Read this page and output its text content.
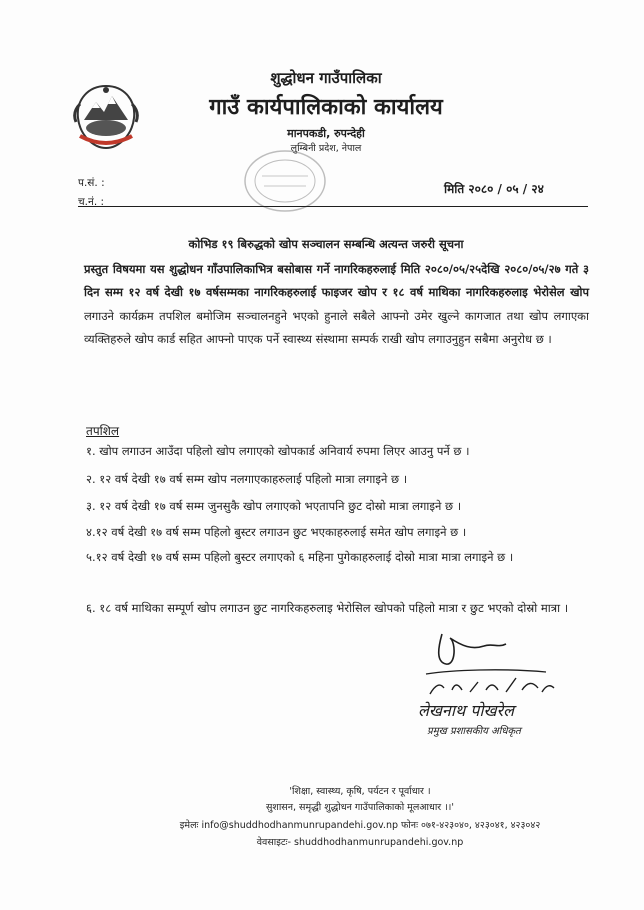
शुद्धोधन गाउँपालिका
गाउँ कार्यपालिकाको कार्यालय
मानपकडी, रुपन्देही
लुम्बिनी प्रदेश, नेपाल
प.सं. :
च.नं. :
मिति २०८० / ०५ / २४
कोभिड १९ बिरुद्धको खोप सञ्चालन सम्बन्धि अत्यन्त जरुरी सूचना
प्रस्तुत विषयमा यस शुद्धोधन गाँउपालिकाभित्र बसोबास गर्ने नागरिकहरुलाई मिति २०८०/०५/२५देखि २०८०/०५/२७ गते ३ दिन सम्म १२ वर्ष देखी १७ वर्षसम्मका नागरिकहरुलाई फाइजर खोप र १८ वर्ष माथिका नागरिकहरुलाइ भेरोसेल खोप लगाउने कार्यक्रम तपशिल बमोजिम सञ्चालनहुने भएको हुनाले सबैले आफ्नो उमेर खुल्ने कागजात तथा खोप लगाएका व्यक्तिहरुले खोप कार्ड सहित आफ्नो पाएक पर्ने स्वास्थ्य संस्थामा सम्पर्क राखी खोप लगाउनुहुन सबैमा अनुरोध छ ।
तपशिल
१. खोप लगाउन आउँदा पहिलो खोप लगाएको खोपकार्ड अनिवार्य रुपमा लिएर आउनु पर्ने छ ।
२. १२ वर्ष देखी १७ वर्ष सम्म खोप नलगाएकाहरुलाई पहिलो मात्रा लगाइने छ ।
३. १२ वर्ष देखी १७ वर्ष सम्म जुनसुकै खोप लगाएको भएतापनि छुट दोस्रो मात्रा लगाइने छ ।
४.१२ वर्ष देखी १७ वर्ष सम्म पहिलो बुस्टर लगाउन छुट भएकाहरुलाई समेत खोप लगाइने छ ।
५.१२ वर्ष देखी १७ वर्ष सम्म पहिलो बुस्टर लगाएको ६ महिना पुगेकाहरुलाई दोस्रो मात्रा मात्रा लगाइने छ ।
६. १८ वर्ष माथिका सम्पूर्ण खोप लगाउन छुट नागरिकहरुलाइ भेरोसिल खोपको पहिलो मात्रा र छुट भएको दोस्रो मात्रा ।
लेखनाथ पोखरेल
प्रमुख प्रशासकीय अधिकृत
'शिक्षा, स्वास्थ्य, कृषि, पर्यटन र पूर्वाधार ।
सुशासन, समृद्धी शुद्धोधन गाउँपालिकाको मूलआधार ।।'
इमेलः info@shuddhodhanmunrupandehi.gov.np फोनः ०७१-४२३०४०, ४२३०४१, ४२३०४२
वेवसाइटः- shuddhodhanmunrupandehi.gov.np
